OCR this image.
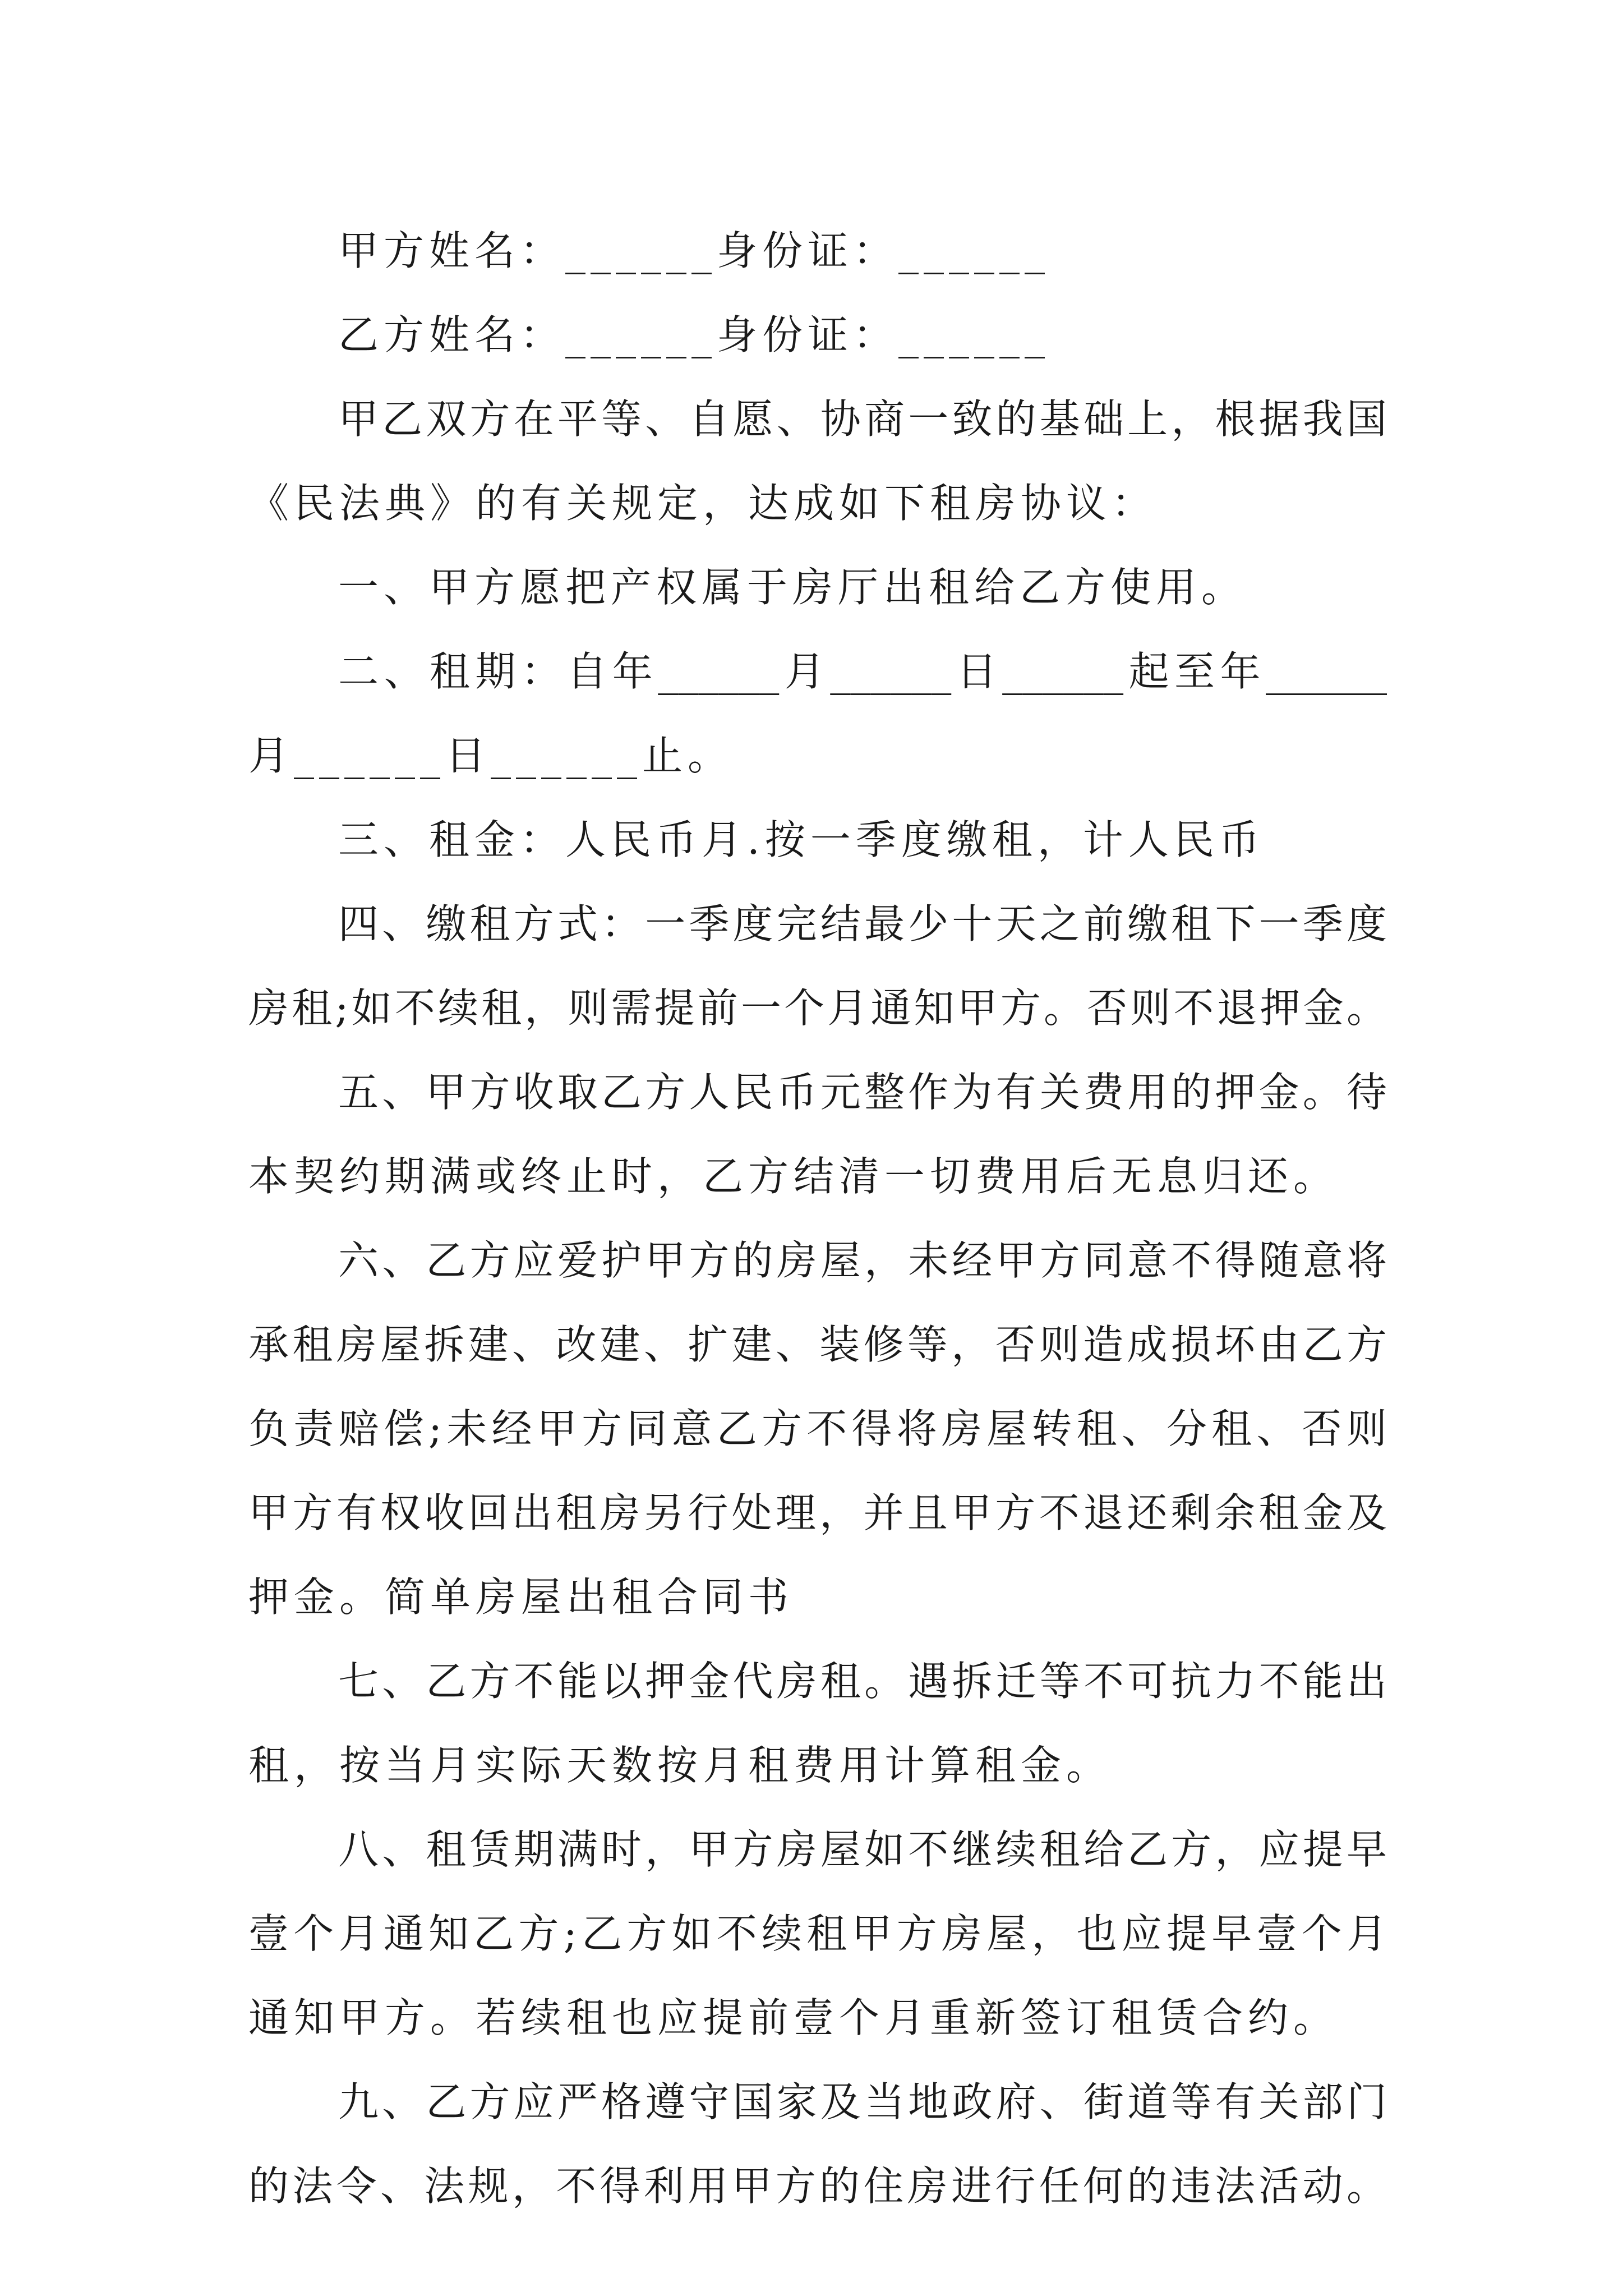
甲方姓名：______身份证：______
乙方姓名：______身份证：______
甲乙双方在平等、自愿、协商一致的基础上，根据我国
《民法典》的有关规定，达成如下租房协议：
一、甲方愿把产权属于房厅出租给乙方使用。
二、租期：自年______月______日______起至年______
月______日______止。
三、租金：人民币月.按一季度缴租，计人民币
四、缴租方式：一季度完结最少十天之前缴租下一季度
房租;如不续租，则需提前一个月通知甲方。否则不退押金。
五、甲方收取乙方人民币元整作为有关费用的押金。待
本契约期满或终止时，乙方结清一切费用后无息归还。
六、乙方应爱护甲方的房屋，未经甲方同意不得随意将
承租房屋拆建、改建、扩建、装修等，否则造成损坏由乙方
负责赔偿;未经甲方同意乙方不得将房屋转租、分租、否则
甲方有权收回出租房另行处理，并且甲方不退还剩余租金及
押金。简单房屋出租合同书
七、乙方不能以押金代房租。遇拆迁等不可抗力不能出
租，按当月实际天数按月租费用计算租金。
八、租赁期满时，甲方房屋如不继续租给乙方，应提早
壹个月通知乙方;乙方如不续租甲方房屋，也应提早壹个月
通知甲方。若续租也应提前壹个月重新签订租赁合约。
九、乙方应严格遵守国家及当地政府、街道等有关部门
的法令、法规，不得利用甲方的住房进行任何的违法活动。
